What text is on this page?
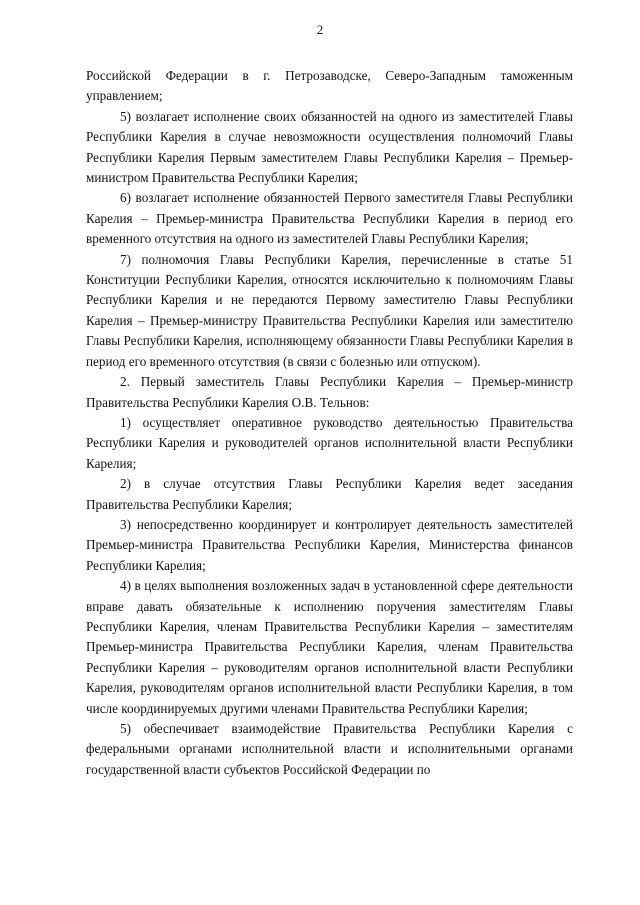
2

Российской Федерации в г. Петрозаводске, Северо-Западным таможенным управлением;

5) возлагает исполнение своих обязанностей на одного из заместителей Главы Республики Карелия в случае невозможности осуществления полномочий Главы Республики Карелия Первым заместителем Главы Республики Карелия – Премьер-министром Правительства Республики Карелия;

6) возлагает исполнение обязанностей Первого заместителя Главы Республики Карелия – Премьер-министра Правительства Республики Карелия в период его временного отсутствия на одного из заместителей Главы Республики Карелия;

7) полномочия Главы Республики Карелия, перечисленные в статье 51 Конституции Республики Карелия, относятся исключительно к полномочиям Главы Республики Карелия и не передаются Первому заместителю Главы Республики Карелия – Премьер-министру Правительства Республики Карелия или заместителю Главы Республики Карелия, исполняющему обязанности Главы Республики Карелия в период его временного отсутствия (в связи с болезнью или отпуском).

2. Первый заместитель Главы Республики Карелия – Премьер-министр Правительства Республики Карелия О.В. Тельнов:

1) осуществляет оперативное руководство деятельностью Правительства Республики Карелия и руководителей органов исполнительной власти Республики Карелия;

2) в случае отсутствия Главы Республики Карелия ведет заседания Правительства Республики Карелия;

3) непосредственно координирует и контролирует деятельность заместителей Премьер-министра Правительства Республики Карелия, Министерства финансов Республики Карелия;

4) в целях выполнения возложенных задач в установленной сфере деятельности вправе давать обязательные к исполнению поручения заместителям Главы Республики Карелия, членам Правительства Республики Карелия – заместителям Премьер-министра Правительства Республики Карелия, членам Правительства Республики Карелия – руководителям органов исполнительной власти Республики Карелия, руководителям органов исполнительной власти Республики Карелия, в том числе координируемых другими членами Правительства Республики Карелия;

5) обеспечивает взаимодействие Правительства Республики Карелия с федеральными органами исполнительной власти и исполнительными органами государственной власти субъектов Российской Федерации по
